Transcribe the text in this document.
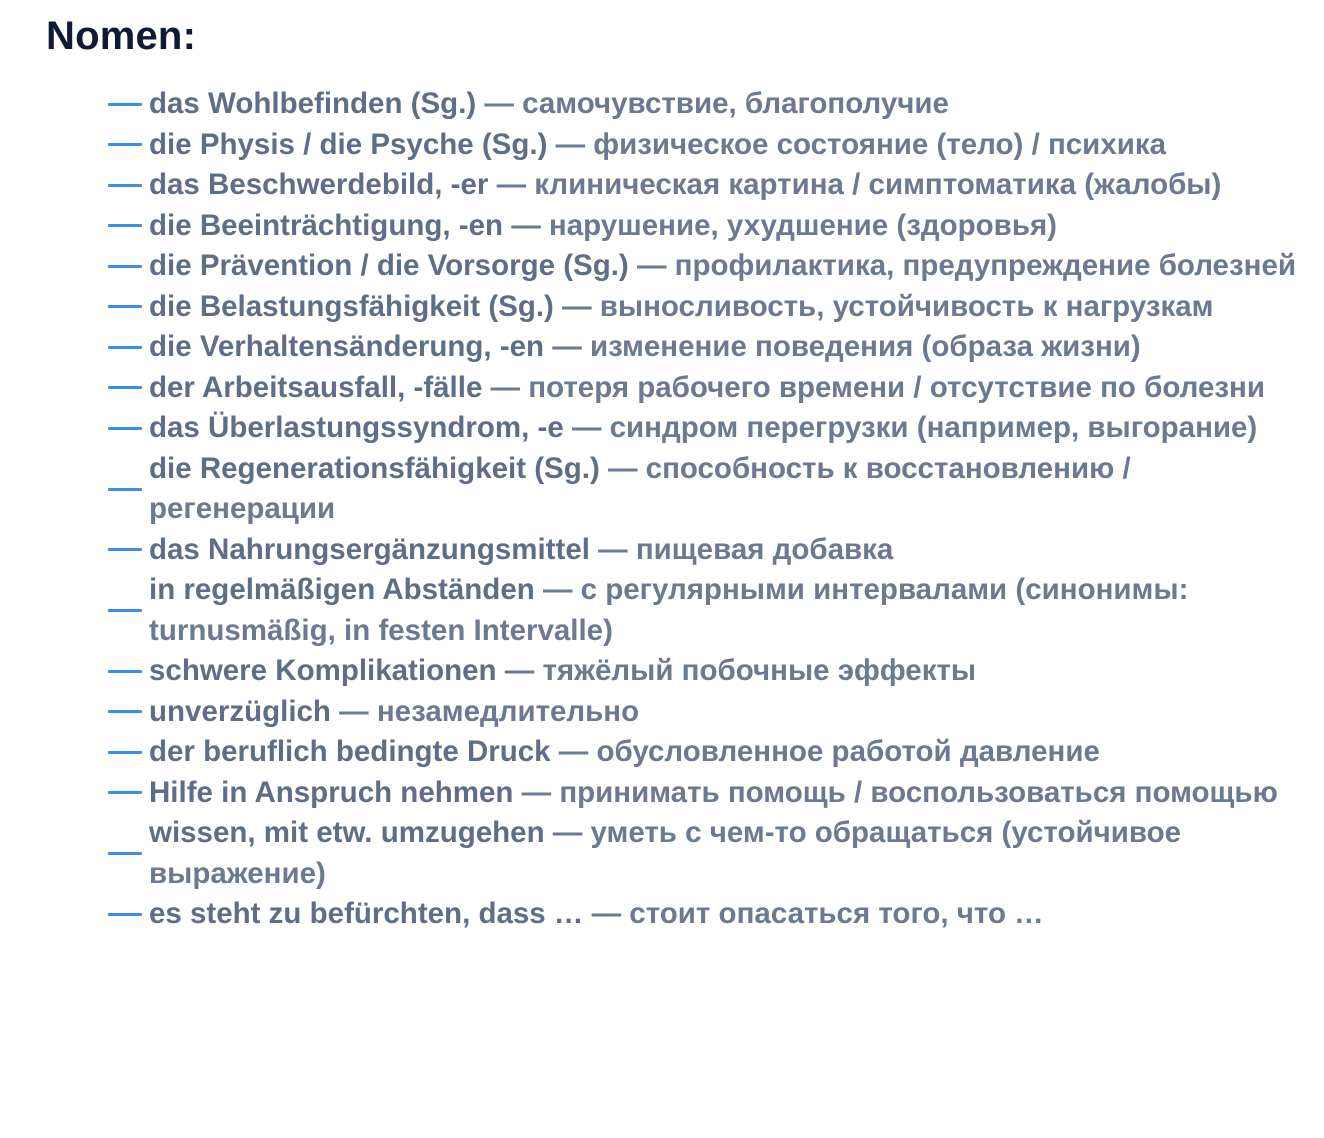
Nomen:
das Wohlbefinden (Sg.) — самочувствие, благополучие
die Physis / die Psyche (Sg.) — физическое состояние (тело) / психика
das Beschwerdebild, -er — клиническая картина / симптоматика (жалобы)
die Beeinträchtigung, -en — нарушение, ухудшение (здоровья)
die Prävention / die Vorsorge (Sg.) — профилактика, предупреждение болезней
die Belastungsfähigkeit (Sg.) — выносливость, устойчивость к нагрузкам
die Verhaltensänderung, -en — изменение поведения (образа жизни)
der Arbeitsausfall, -fälle — потеря рабочего времени / отсутствие по болезни
das Überlastungssyndrom, -e — синдром перегрузки (например, выгорание)
die Regenerationsfähigkeit (Sg.) — способность к восстановлению / регенерации
das Nahrungsergänzungsmittel — пищевая добавка
in regelmäßigen Abständen — с регулярными интервалами (синонимы: turnusmäßig, in festen Intervalle)
schwere Komplikationen — тяжёлый побочные эффекты
unverzüglich — незамедлительно
der beruflich bedingte Druck — обусловленное работой давление
Hilfe in Anspruch nehmen — принимать помощь / воспользоваться помощью
wissen, mit etw. umzugehen — уметь с чем-то обращаться (устойчивое выражение)
es steht zu befürchten, dass … — стоит опасаться того, что …
